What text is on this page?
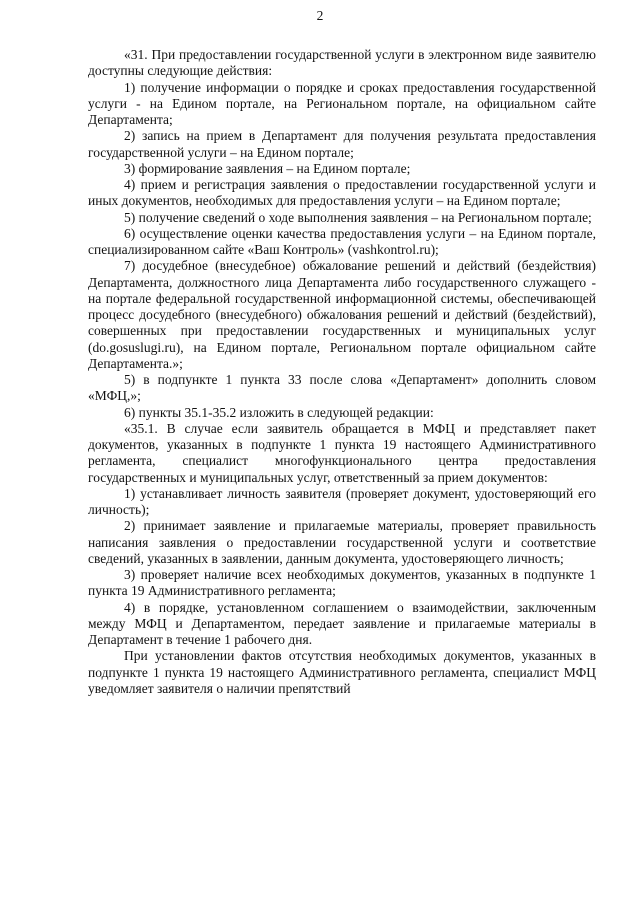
2

«31. При предоставлении государственной услуги в электронном виде заявителю доступны следующие действия:

1) получение информации о порядке и сроках предоставления государственной услуги - на Едином портале, на Региональном портале, на официальном сайте Департамента;

2) запись на прием в Департамент для получения результата предоставления государственной услуги – на Едином портале;

3) формирование заявления – на Едином портале;

4) прием и регистрация заявления о предоставлении государственной услуги и иных документов, необходимых для предоставления услуги – на Едином портале;

5) получение сведений о ходе выполнения заявления – на Региональном портале;

6) осуществление оценки качества предоставления услуги – на Едином портале, специализированном сайте «Ваш Контроль» (vashkontrol.ru);

7) досудебное (внесудебное) обжалование решений и действий (бездействия) Департамента, должностного лица Департамента либо государственного служащего - на портале федеральной государственной информационной системы, обеспечивающей процесс досудебного (внесудебного) обжалования решений и действий (бездействий), совершенных при предоставлении государственных и муниципальных услуг (do.gosuslugi.ru), на Едином портале, Региональном портале официальном сайте Департамента.»;

5) в подпункте 1 пункта 33 после слова «Департамент» дополнить словом «МФЦ,»;

6) пункты 35.1-35.2 изложить в следующей редакции:

«35.1. В случае если заявитель обращается в МФЦ и представляет пакет документов, указанных в подпункте 1 пункта 19 настоящего Административного регламента, специалист многофункционального центра предоставления государственных и муниципальных услуг, ответственный за прием документов:

1) устанавливает личность заявителя (проверяет документ, удостоверяющий его личность);

2) принимает заявление и прилагаемые материалы, проверяет правильность написания заявления о предоставлении государственной услуги и соответствие сведений, указанных в заявлении, данным документа, удостоверяющего личность;

3) проверяет наличие всех необходимых документов, указанных в подпункте 1 пункта 19 Административного регламента;

4) в порядке, установленном соглашением о взаимодействии, заключенным между МФЦ и Департаментом, передает заявление и прилагаемые материалы в Департамент в течение 1 рабочего дня.

При установлении фактов отсутствия необходимых документов, указанных в подпункте 1 пункта 19 настоящего Административного регламента, специалист МФЦ уведомляет заявителя о наличии препятствий
